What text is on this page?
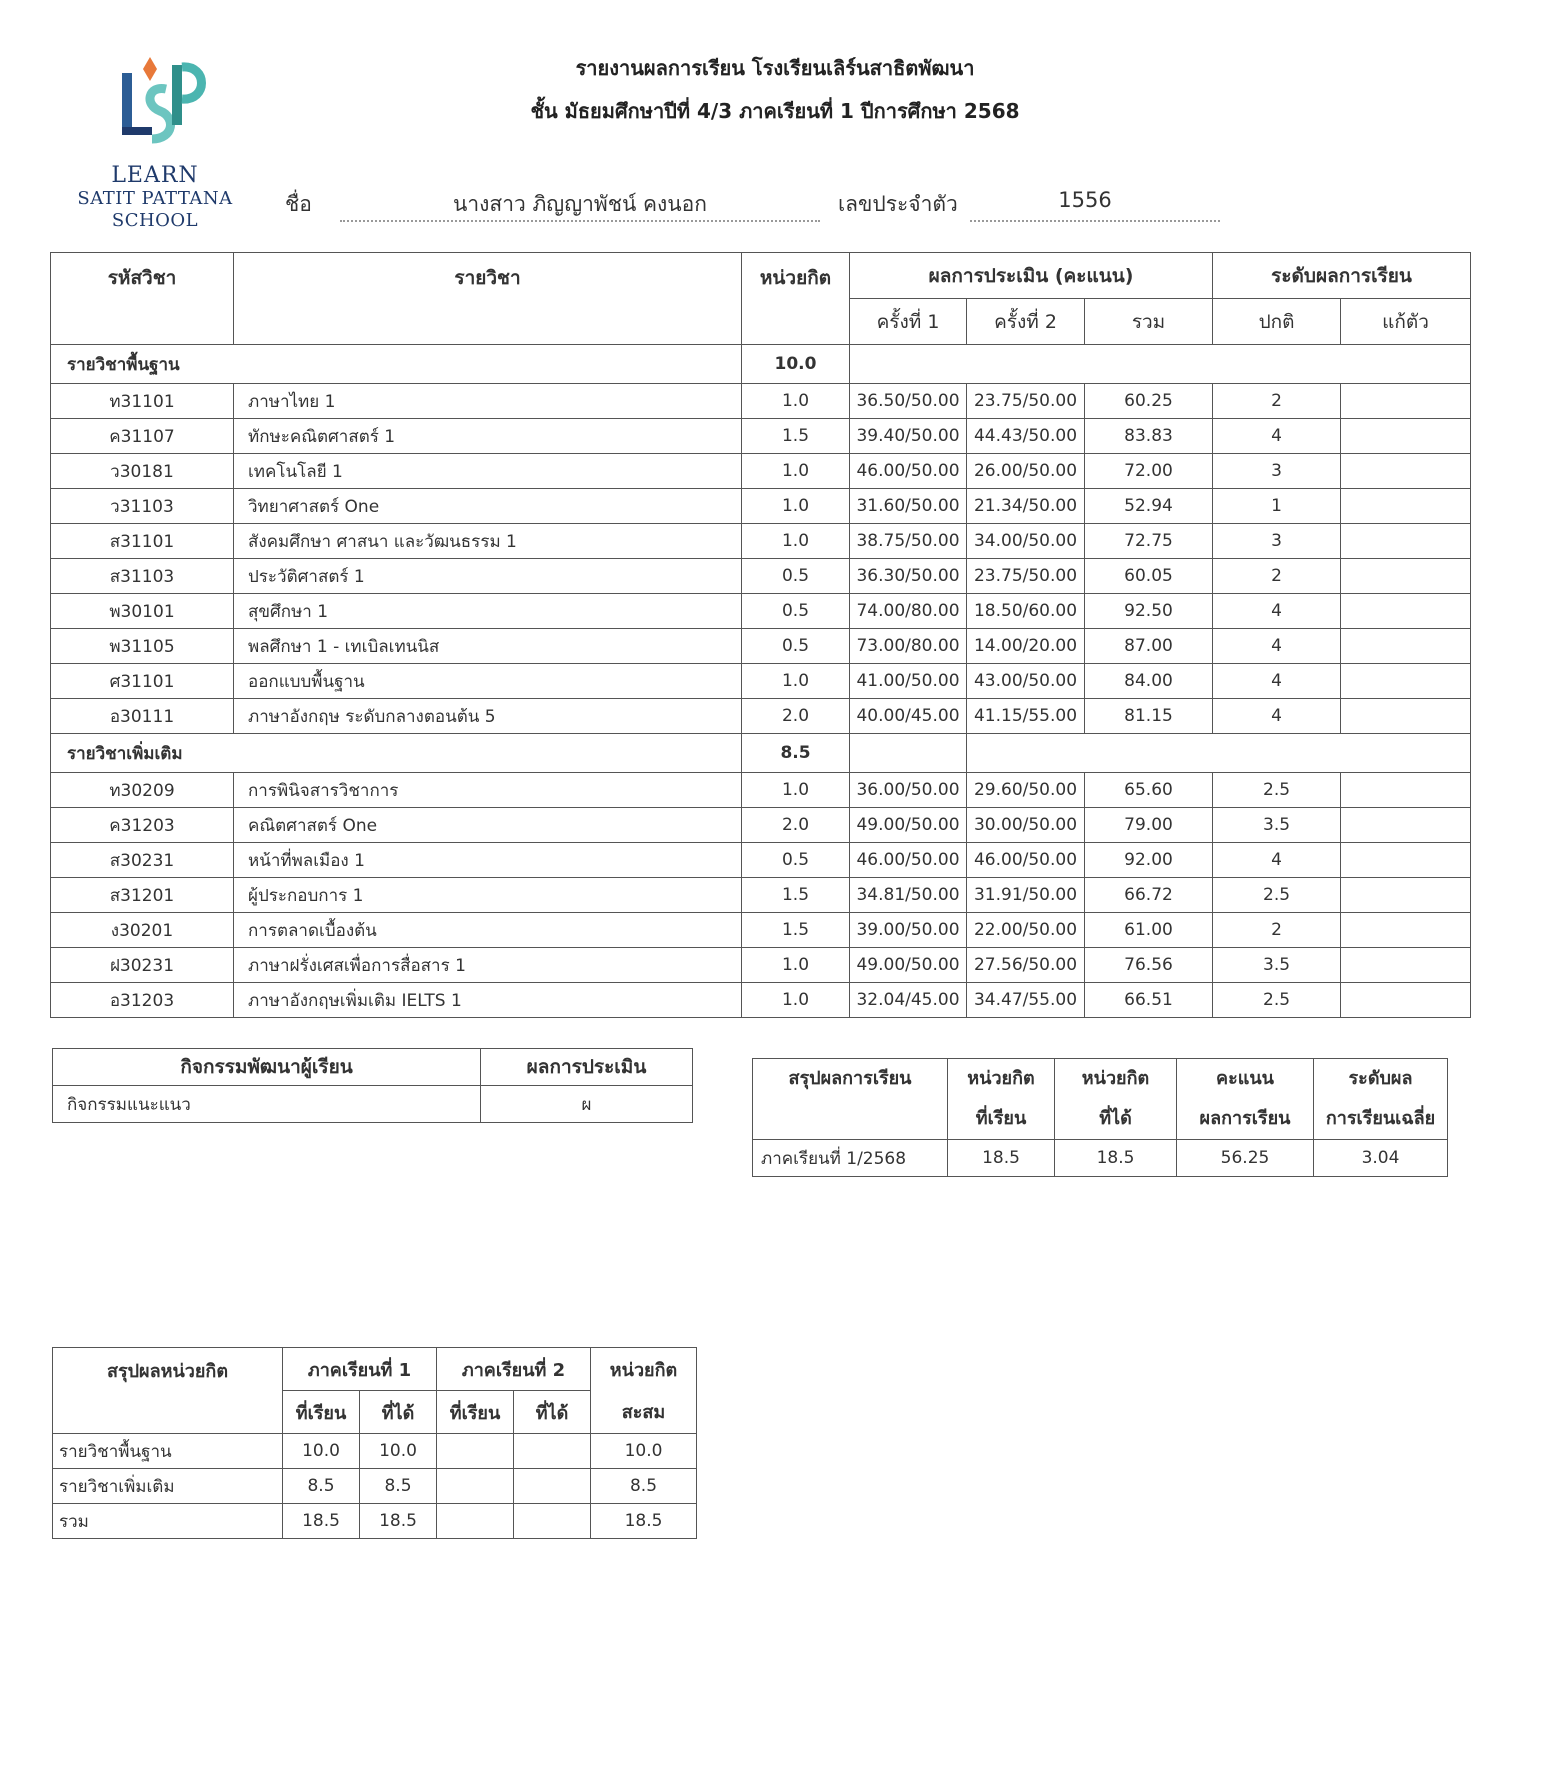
LEARN
SATIT PATTANA
SCHOOL
รายงานผลการเรียน โรงเรียนเลิร์นสาธิตพัฒนา
ชั้น มัธยมศึกษาปีที่ 4/3 ภาคเรียนที่ 1 ปีการศึกษา 2568
ชื่อ	นางสาว ภิญญาพัชน์ คงนอก	เลขประจำตัว	1556
รหัสวิชา	รายวิชา	หน่วยกิต	ผลการประเมิน (คะแนน)			ระดับผลการเรียน	
			ครั้งที่ 1	ครั้งที่ 2	รวม	ปกติ	แก้ตัว
รายวิชาพื้นฐาน		10.0					
ท31101	ภาษาไทย 1	1.0	36.50/50.00	23.75/50.00	60.25	2	
ค31107	ทักษะคณิตศาสตร์ 1	1.5	39.40/50.00	44.43/50.00	83.83	4	
ว30181	เทคโนโลยี 1	1.0	46.00/50.00	26.00/50.00	72.00	3	
ว31103	วิทยาศาสตร์ One	1.0	31.60/50.00	21.34/50.00	52.94	1	
ส31101	สังคมศึกษา ศาสนา และวัฒนธรรม 1	1.0	38.75/50.00	34.00/50.00	72.75	3	
ส31103	ประวัติศาสตร์ 1	0.5	36.30/50.00	23.75/50.00	60.05	2	
พ30101	สุขศึกษา 1	0.5	74.00/80.00	18.50/60.00	92.50	4	
พ31105	พลศึกษา 1 - เทเบิลเทนนิส	0.5	73.00/80.00	14.00/20.00	87.00	4	
ศ31101	ออกแบบพื้นฐาน	1.0	41.00/50.00	43.00/50.00	84.00	4	
อ30111	ภาษาอังกฤษ ระดับกลางตอนต้น 5	2.0	40.00/45.00	41.15/55.00	81.15	4	
รายวิชาเพิ่มเติม		8.5					
ท30209	การพินิจสารวิชาการ	1.0	36.00/50.00	29.60/50.00	65.60	2.5	
ค31203	คณิตศาสตร์ One	2.0	49.00/50.00	30.00/50.00	79.00	3.5	
ส30231	หน้าที่พลเมือง 1	0.5	46.00/50.00	46.00/50.00	92.00	4	
ส31201	ผู้ประกอบการ 1	1.5	34.81/50.00	31.91/50.00	66.72	2.5	
ง30201	การตลาดเบื้องต้น	1.5	39.00/50.00	22.00/50.00	61.00	2	
ฝ30231	ภาษาฝรั่งเศสเพื่อการสื่อสาร 1	1.0	49.00/50.00	27.56/50.00	76.56	3.5	
อ31203	ภาษาอังกฤษเพิ่มเติม IELTS 1	1.0	32.04/45.00	34.47/55.00	66.51	2.5	
กิจกรรมพัฒนาผู้เรียน	ผลการประเมิน
กิจกรรมแนะแนว	ผ
สรุปผลการเรียน	หน่วยกิต	หน่วยกิต	คะแนน	ระดับผล
	ที่เรียน	ที่ได้	ผลการเรียน	การเรียนเฉลี่ย
ภาคเรียนที่ 1/2568	18.5	18.5	56.25	3.04
สรุปผลหน่วยกิต	ภาคเรียนที่ 1		ภาคเรียนที่ 2		หน่วยกิต
	ที่เรียน	ที่ได้	ที่เรียน	ที่ได้	สะสม
รายวิชาพื้นฐาน	10.0	10.0			10.0
รายวิชาเพิ่มเติม	8.5	8.5			8.5
รวม	18.5	18.5			18.5
